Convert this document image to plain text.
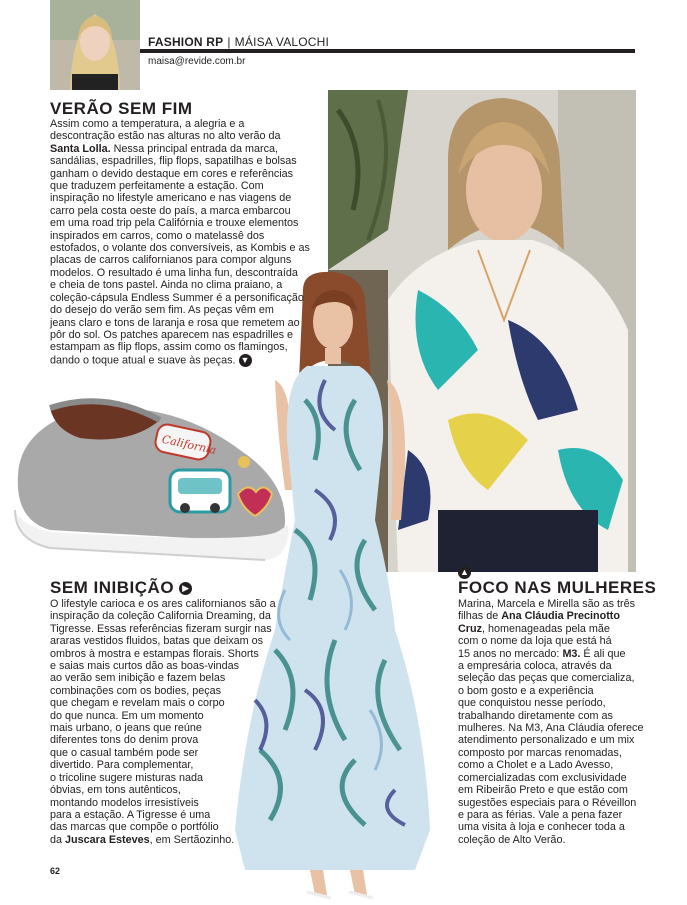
FASHION RP | MÁISA VALOCHI
maisa@revide.com.br
California
VERÃO SEM FIM
Assim como a temperatura, a alegria e a
descontração estão nas alturas no alto verão da
Santa Lolla. Nessa principal entrada da marca,
sandálias, espadrilles, flip flops, sapatilhas e bolsas
ganham o devido destaque em cores e referências
que traduzem perfeitamente a estação. Com
inspiração no lifestyle americano e nas viagens de
carro pela costa oeste do país, a marca embarcou
em uma road trip pela Califórnia e trouxe elementos
inspirados em carros, como o matelassê dos
estofados, o volante dos conversíveis, as Kombis e as
placas de carros californianos para compor alguns
modelos. O resultado é uma linha fun, descontraída
e cheia de tons pastel. Ainda no clima praiano, a
coleção-cápsula Endless Summer é a personificação
do desejo do verão sem fim. As peças vêm em
jeans claro e tons de laranja e rosa que remetem ao
pôr do sol. Os patches aparecem nas espadrilles e
estampam as flip flops, assim como os flamingos,
dando o toque atual e suave às peças. ▼
SEM INIBIÇÃO ▶
O lifestyle carioca e os ares californianos são a
inspiração da coleção California Dreaming, da
Tigresse. Essas referências fizeram surgir nas
araras vestidos fluidos, batas que deixam os
ombros à mostra e estampas florais. Shorts
e saias mais curtos dão as boas-vindas
ao verão sem inibição e fazem belas
combinações com os bodies, peças
que chegam e revelam mais o corpo
do que nunca. Em um momento
mais urbano, o jeans que reúne
diferentes tons do denim prova
que o casual também pode ser
divertido. Para complementar,
o tricoline sugere misturas nada
óbvias, em tons autênticos,
montando modelos irresistíveis
para a estação. A Tigresse é uma
das marcas que compõe o portfólio
da Juscara Esteves, em Sertãozinho.
▲
FOCO NAS MULHERES
Marina, Marcela e Mirella são as três
filhas de Ana Cláudia Precinotto
Cruz, homenageadas pela mãe
com o nome da loja que está há
15 anos no mercado: M3. É ali que
a empresária coloca, através da
seleção das peças que comercializa,
o bom gosto e a experiência
que conquistou nesse período,
trabalhando diretamente com as
mulheres. Na M3, Ana Cláudia oferece
atendimento personalizado e um mix
composto por marcas renomadas,
como a Cholet e a Lado Avesso,
comercializadas com exclusividade
em Ribeirão Preto e que estão com
sugestões especiais para o Réveillon
e para as férias. Vale a pena fazer
uma visita à loja e conhecer toda a
coleção de Alto Verão.
62
